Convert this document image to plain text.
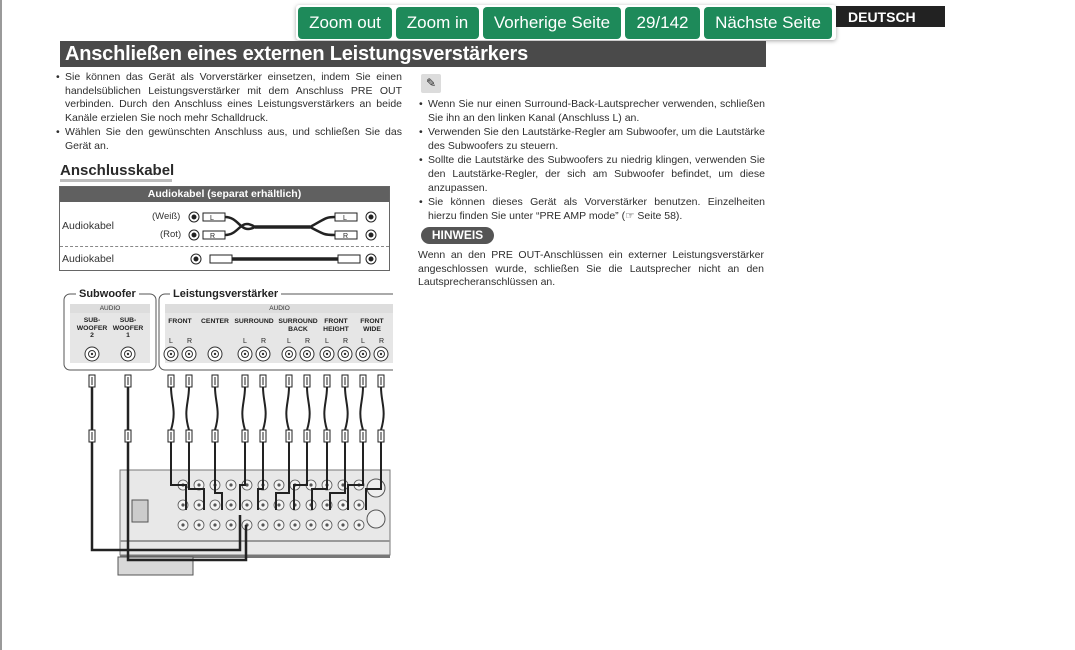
Zoom out	Zoom in	Vorherige Seite	29/142	Nächste Seite	DEUTSCH
Anschließen eines externen Leistungsverstärkers
• Sie können das Gerät als Vorverstärker einsetzen, indem Sie einen handelsüblichen Leistungsverstärker mit dem Anschluss PRE OUT verbinden. Durch den Anschluss eines Leistungsverstärkers an beide Kanäle erzielen Sie noch mehr Schalldruck.
• Wählen Sie den gewünschten Anschluss aus, und schließen Sie das Gerät an.
Anschlusskabel
Audiokabel (separat erhältlich)
Audiokabel
(Weiß)
(Rot)
Audiokabel
L
R
L
R
L R	L R	L R L R L R
Subwoofer	Leistungsverstärker
AUDIO	AUDIO
SUB-
WOOFER
2
SUB-
WOOFER
1
FRONT	CENTER SURROUND SURROUND
BACK
FRONT
HEIGHT
FRONT
WIDE
✎
• Wenn Sie nur einen Surround-Back-Lautsprecher verwenden, schließen Sie ihn an den linken Kanal (Anschluss L) an.
• Verwenden Sie den Lautstärke-Regler am Subwoofer, um die Lautstärke des Subwoofers zu steuern.
• Sollte die Lautstärke des Subwoofers zu niedrig klingen, verwenden Sie den Lautstärke-Regler, der sich am Subwoofer befindet, um diese anzupassen.
• Sie können dieses Gerät als Vorverstärker benutzen. Einzelheiten hierzu finden Sie unter “PRE AMP mode” (☞ Seite 58).
HINWEIS
Wenn an den PRE OUT-Anschlüssen ein externer Leistungsverstärker angeschlossen wurde, schließen Sie die Lautsprecher nicht an den Lautsprecheranschlüssen an.
